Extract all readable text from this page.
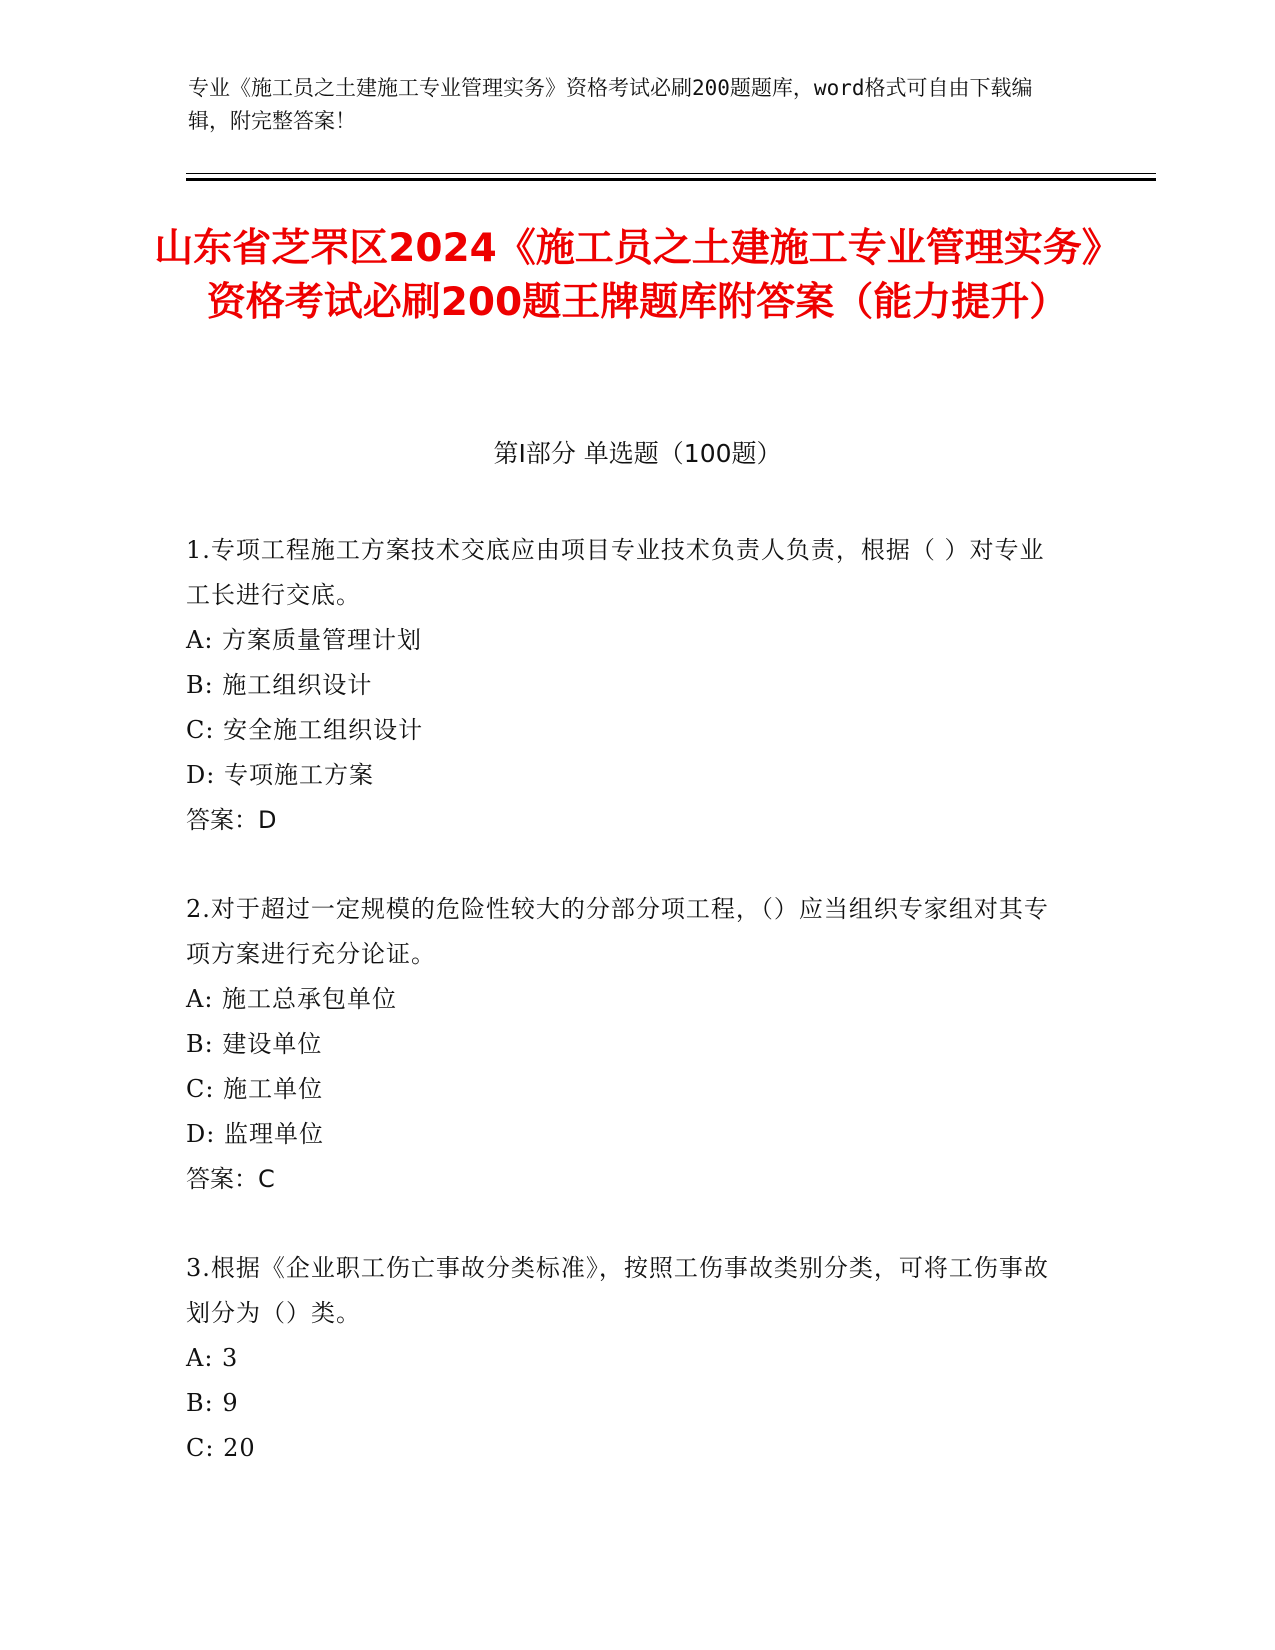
专业《施工员之土建施工专业管理实务》资格考试必刷200题题库，word格式可自由下载编辑，附完整答案！
山东省芝罘区2024《施工员之土建施工专业管理实务》资格考试必刷200题王牌题库附答案（能力提升）
第I部分 单选题（100题）
1.专项工程施工方案技术交底应由项目专业技术负责人负责，根据（ ）对专业工长进行交底。
A: 方案质量管理计划
B: 施工组织设计
C: 安全施工组织设计
D: 专项施工方案
答案：D
2.对于超过一定规模的危险性较大的分部分项工程，（）应当组织专家组对其专项方案进行充分论证。
A: 施工总承包单位
B: 建设单位
C: 施工单位
D: 监理单位
答案：C
3.根据《企业职工伤亡事故分类标准》，按照工伤事故类别分类，可将工伤事故划分为（）类。
A: 3
B: 9
C: 20
